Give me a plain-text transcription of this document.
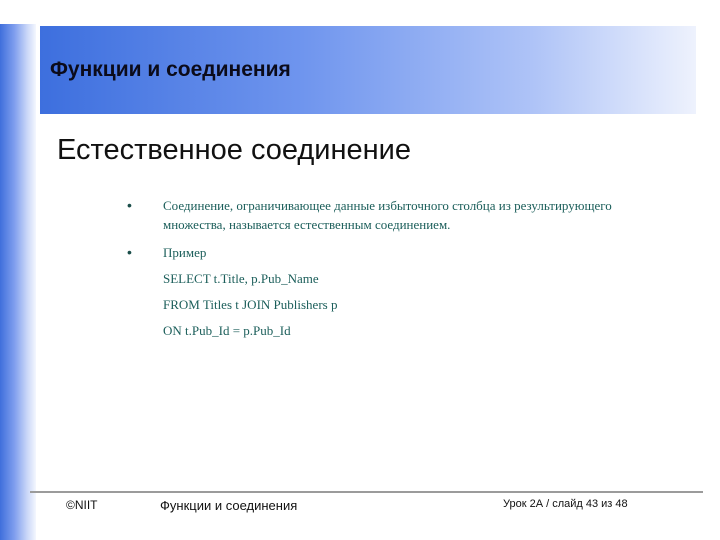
Функции и соединения
Естественное соединение
• Соединение, ограничивающее данные избыточного столбца из результирующего множества, называется естественным соединением.
• Пример
SELECT t.Title, p.Pub_Name
FROM Titles t JOIN Publishers p
ON t.Pub_Id = p.Pub_Id
©NIIT	Функции и соединения	Урок 2А / слайд 43 из 48
